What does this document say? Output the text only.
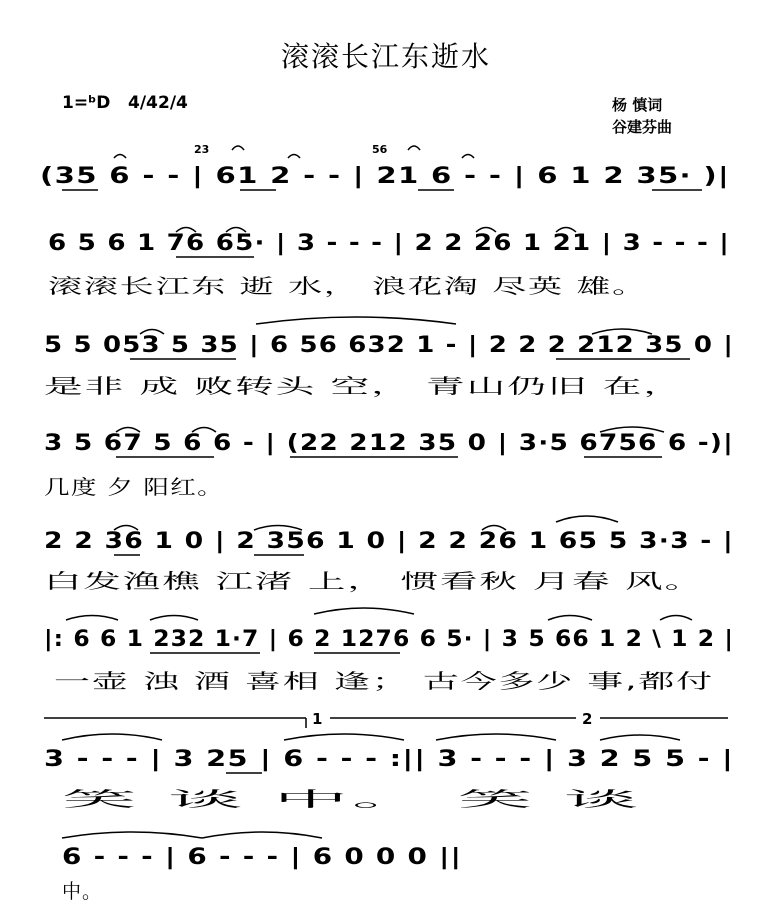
滚滚长江东逝水
1=ᵇD 4/4 2/4	杨 慎词
谷建芬曲
(35 6 - - | 61 2 - - | 21 6 - - | 6 1 2 35· )|
23	56
6 5 6 1 76 65· | 3 - - - | 2 2 26 1 21 | 3 - - - |
滚滚长江东 逝 水， 浪花淘 尽英 雄。
5 5 053 5 35 | 6 56 632 1 - | 2 2 2 212 35 0 |
是非 成 败转头 空， 青山仍旧 在，
3 5 67 5 6 6 - | (22 212 35 0 | 3·5 6756 6 -)|
几度 夕 阳红。
2 2 36 1 0 | 2 356 1 0 | 2 2 26 1 65 5 3·3 - |
白发渔樵 江渚 上， 惯看秋 月春 风。
|: 6 6 1 232 1·7 | 6 2 1276 6 5· | 3 5 66 1 2 \ 1 2 |
一壶 浊 酒 喜相 逢； 古今多少 事,都付
1	2
3 - - - | 3 25 | 6 - - - :|| 3 - - - | 3 2 5 5 - |
笑 谈 中。 笑 谈
6 - - - | 6 - - - | 6 0 0 0 ||
中。
